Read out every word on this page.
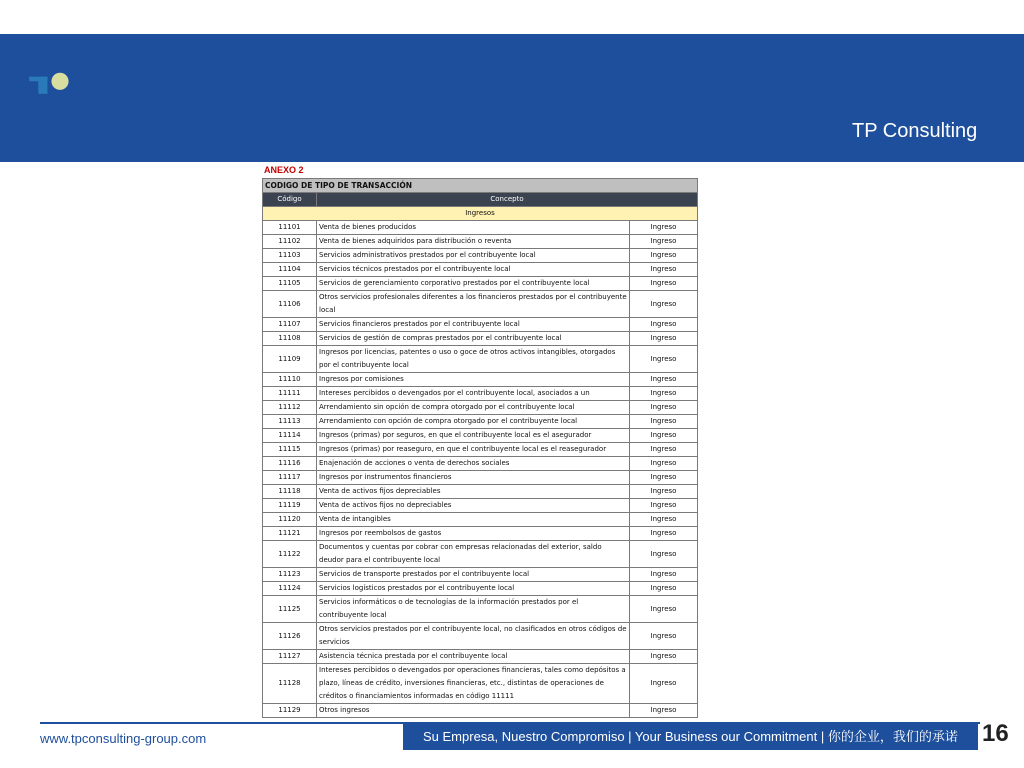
TP Consulting
ANEXO 2
CODIGO DE TIPO DE TRANSACCIÓN		
Código	Concepto	
Ingresos		
11101	Venta de bienes producidos	Ingreso
11102	Venta de bienes adquiridos para distribución o reventa	Ingreso
11103	Servicios administrativos prestados por el contribuyente local	Ingreso
11104	Servicios técnicos prestados por el contribuyente local	Ingreso
11105	Servicios de gerenciamiento corporativo prestados por el contribuyente local	Ingreso
11106	Otros servicios profesionales diferentes a los financieros prestados por el contribuyente local	Ingreso
11107	Servicios financieros prestados por el contribuyente local	Ingreso
11108	Servicios de gestión de compras prestados por el contribuyente local	Ingreso
11109	Ingresos por licencias, patentes o uso o goce de otros activos intangibles, otorgados por el contribuyente local	Ingreso
11110	Ingresos por comisiones	Ingreso
11111	Intereses percibidos o devengados por el contribuyente local, asociados a un	Ingreso
11112	Arrendamiento sin opción de compra otorgado por el contribuyente local	Ingreso
11113	Arrendamiento con opción de compra otorgado por el contribuyente local	Ingreso
11114	Ingresos (primas) por seguros, en que el contribuyente local es el asegurador	Ingreso
11115	Ingresos (primas) por reaseguro, en que el contribuyente local es el reasegurador	Ingreso
11116	Enajenación de acciones o venta de derechos sociales	Ingreso
11117	Ingresos por instrumentos financieros	Ingreso
11118	Venta de activos fijos depreciables	Ingreso
11119	Venta de activos fijos no depreciables	Ingreso
11120	Venta de intangibles	Ingreso
11121	Ingresos por reembolsos de gastos	Ingreso
11122	Documentos y cuentas por cobrar con empresas relacionadas del exterior, saldo deudor para el contribuyente local	Ingreso
11123	Servicios de transporte prestados por el contribuyente local	Ingreso
11124	Servicios logísticos prestados por el contribuyente local	Ingreso
11125	Servicios informáticos o de tecnologías de la información prestados por el contribuyente local	Ingreso
11126	Otros servicios prestados por el contribuyente local, no clasificados en otros códigos de servicios	Ingreso
11127	Asistencia técnica prestada por el contribuyente local	Ingreso
11128	Intereses percibidos o devengados por operaciones financieras, tales como depósitos a plazo, líneas de crédito, inversiones financieras, etc., distintas de operaciones de créditos o financiamientos informadas en código 11111	Ingreso
11129	Otros ingresos	Ingreso
www.tpconsulting-group.com	Su Empresa, Nuestro Compromiso | Your Business our Commitment | 你的企业，我们的承诺	16
